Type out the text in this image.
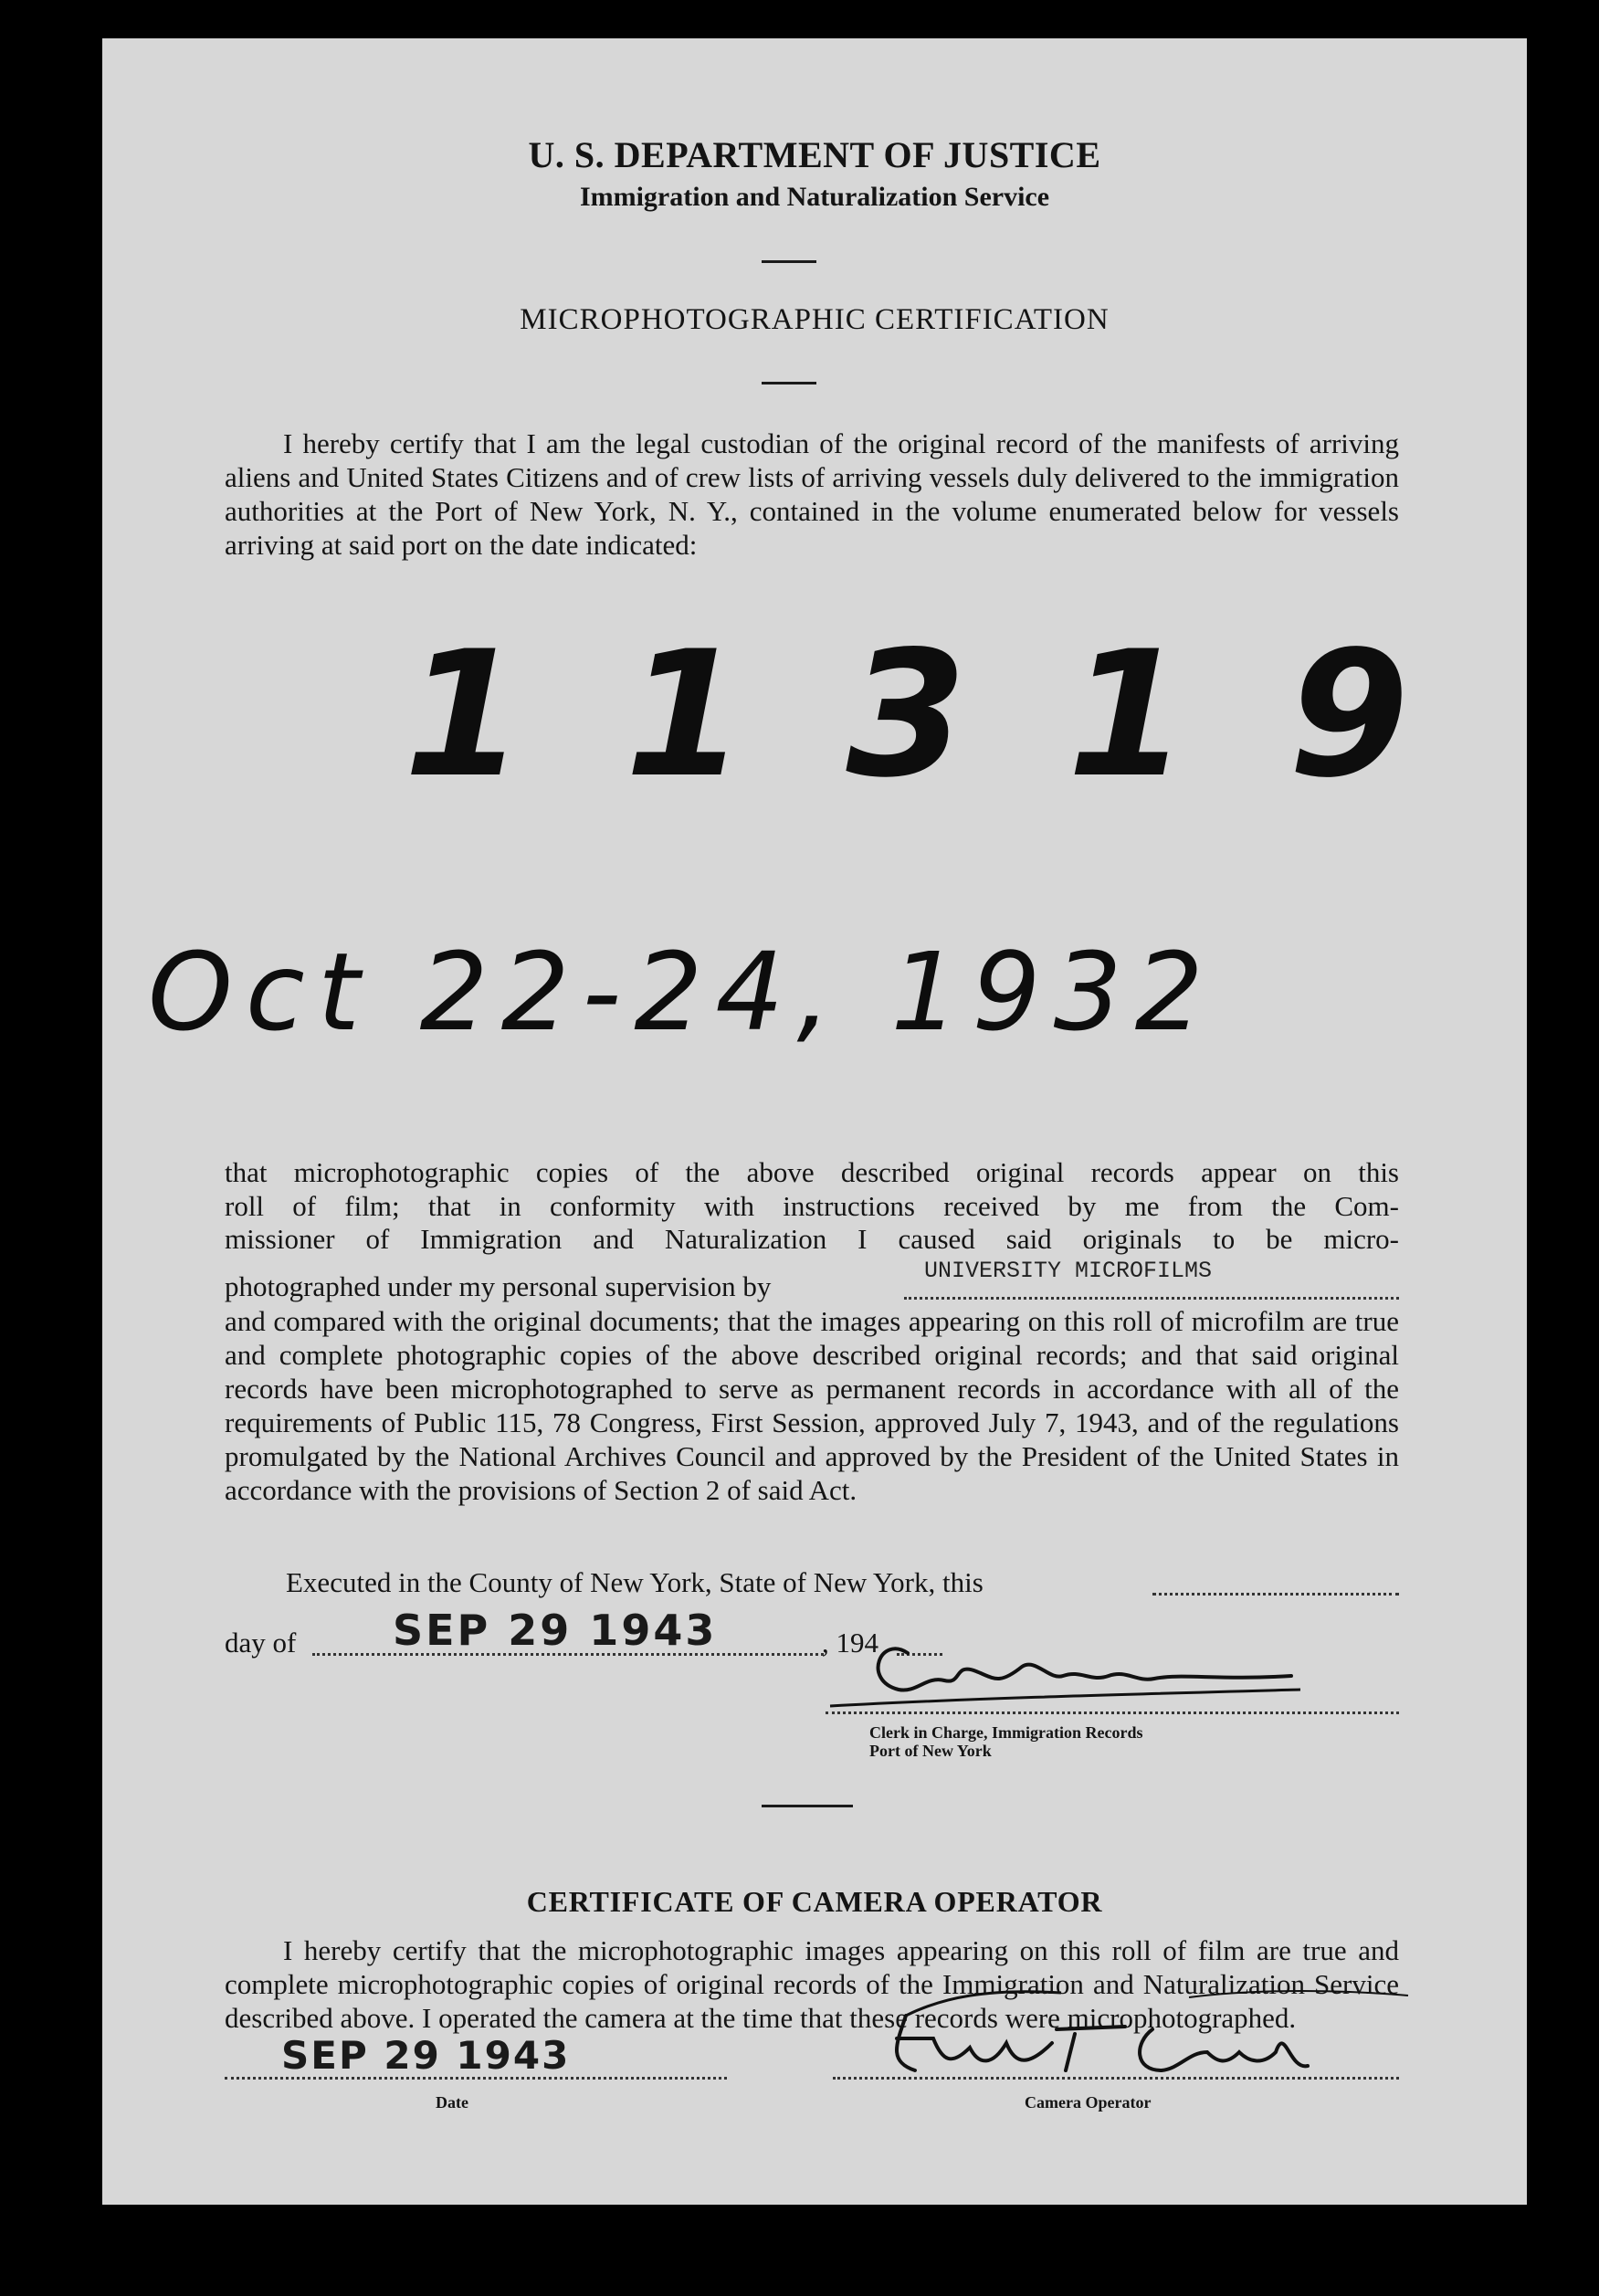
U. S. DEPARTMENT OF JUSTICE
Immigration and Naturalization Service
MICROPHOTOGRAPHIC CERTIFICATION
I hereby certify that I am the legal custodian of the original record of the manifests of arriving aliens and United States Citizens and of crew lists of arriving vessels duly delivered to the immigration authorities at the Port of New York, N. Y., contained in the volume enumerated below for vessels arriving at said port on the date indicated:
11319
Oct 22-24, 1932
that microphotographic copies of the above described original records appear on this
roll of film; that in conformity with instructions received by me from the Com-
missioner of Immigration and Naturalization I caused said originals to be micro-
photographed under my personal supervision by	UNIVERSITY MICROFILMS
and compared with the original documents; that the images appearing on this roll of microfilm are true and complete photographic copies of the above described original records; and that said original records have been microphotographed to serve as permanent records in accordance with all of the requirements of Public 115, 78 Congress, First Session, approved July 7, 1943, and of the regulations promulgated by the National Archives Council and approved by the President of the United States in accordance with the provisions of Section 2 of said Act.
Executed in the County of New York, State of New York, this
day of SEP 29 1943	, 194
Clerk in Charge, Immigration Records
Port of New York
CERTIFICATE OF CAMERA OPERATOR
I hereby certify that the microphotographic images appearing on this roll of film are true and complete microphotographic copies of original records of the Immigration and Naturalization Service described above. I operated the camera at the time that these records were microphotographed.
SEP 29 1943
Date	Camera Operator
